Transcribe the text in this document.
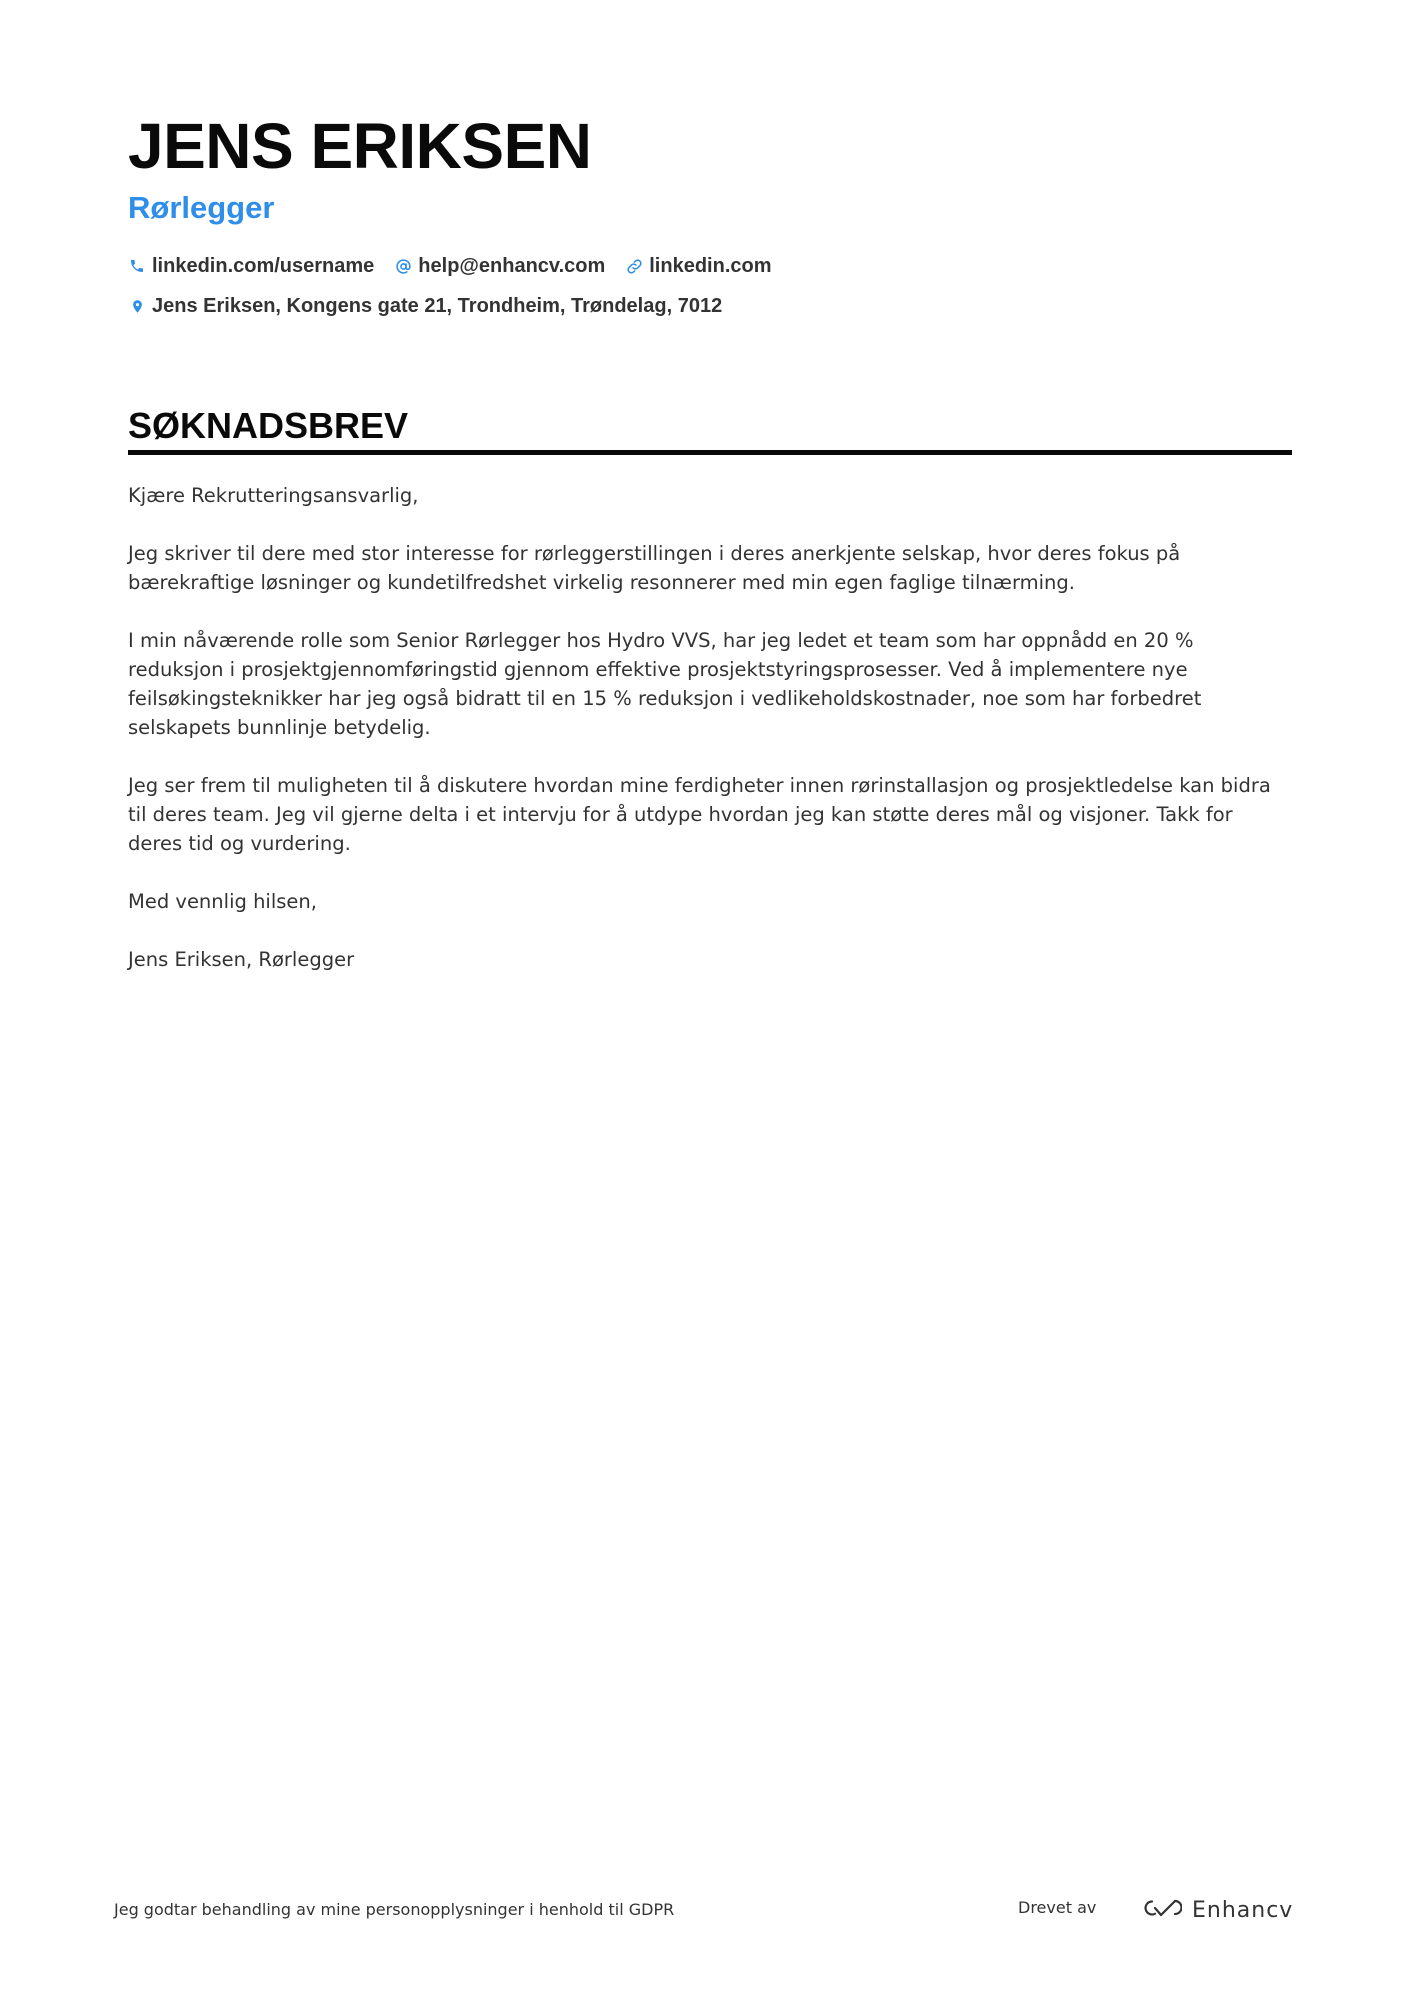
JENS ERIKSEN
Rørlegger
linkedin.com/username help@enhancv.com linkedin.com
Jens Eriksen, Kongens gate 21, Trondheim, Trøndelag, 7012
SØKNADSBREV

Kjære Rekrutteringsansvarlig,

Jeg skriver til dere med stor interesse for rørleggerstillingen i deres anerkjente selskap, hvor deres fokus på bærekraftige løsninger og kundetilfredshet virkelig resonnerer med min egen faglige tilnærming.

I min nåværende rolle som Senior Rørlegger hos Hydro VVS, har jeg ledet et team som har oppnådd en 20 % reduksjon i prosjektgjennomføringstid gjennom effektive prosjektstyringsprosesser. Ved å implementere nye feilsøkingsteknikker har jeg også bidratt til en 15 % reduksjon i vedlikeholdskostnader, noe som har forbedret selskapets bunnlinje betydelig.

Jeg ser frem til muligheten til å diskutere hvordan mine ferdigheter innen rørinstallasjon og prosjektledelse kan bidra til deres team. Jeg vil gjerne delta i et intervju for å utdype hvordan jeg kan støtte deres mål og visjoner. Takk for deres tid og vurdering.

Med vennlig hilsen,

Jens Eriksen, Rørlegger

Jeg godtar behandling av mine personopplysninger i henhold til GDPR	Drevet av	Enhancv
